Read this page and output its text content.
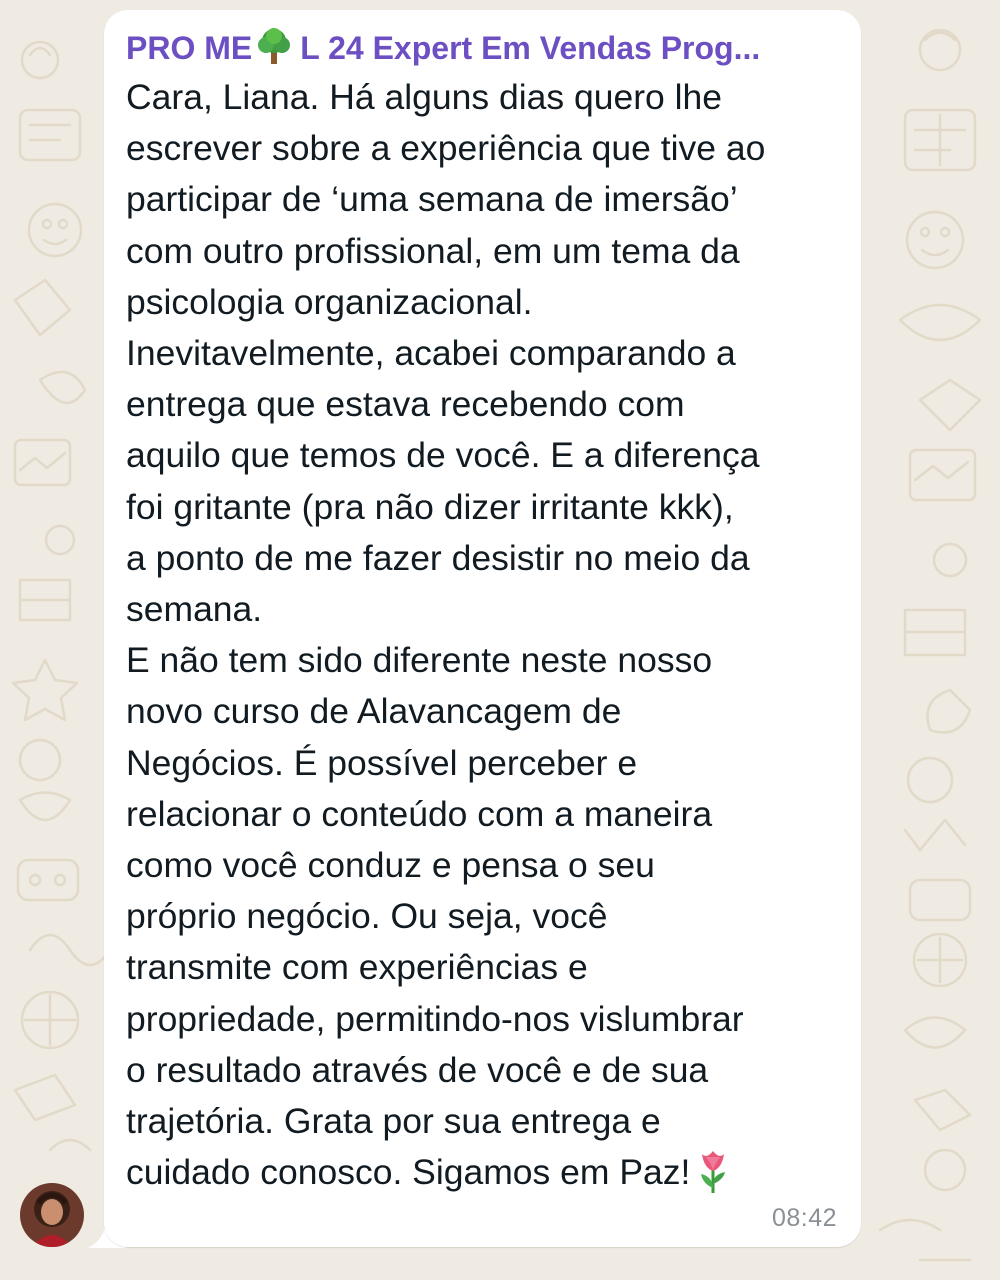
PRO ME L 24 Expert Em Vendas Prog...
Cara, Liana. Há alguns dias quero lhe
escrever sobre a experiência que tive ao
participar de ‘uma semana de imersão’
com outro profissional, em um tema da
psicologia organizacional.
Inevitavelmente, acabei comparando a
entrega que estava recebendo com
aquilo que temos de você. E a diferença
foi gritante (pra não dizer irritante kkk),
a ponto de me fazer desistir no meio da
semana.
E não tem sido diferente neste nosso
novo curso de Alavancagem de
Negócios. É possível perceber e
relacionar o conteúdo com a maneira
como você conduz e pensa o seu
próprio negócio. Ou seja, você
transmite com experiências e
propriedade, permitindo-nos vislumbrar
o resultado através de você e de sua
trajetória. Grata por sua entrega e
cuidado conosco. Sigamos em Paz!
08:42
